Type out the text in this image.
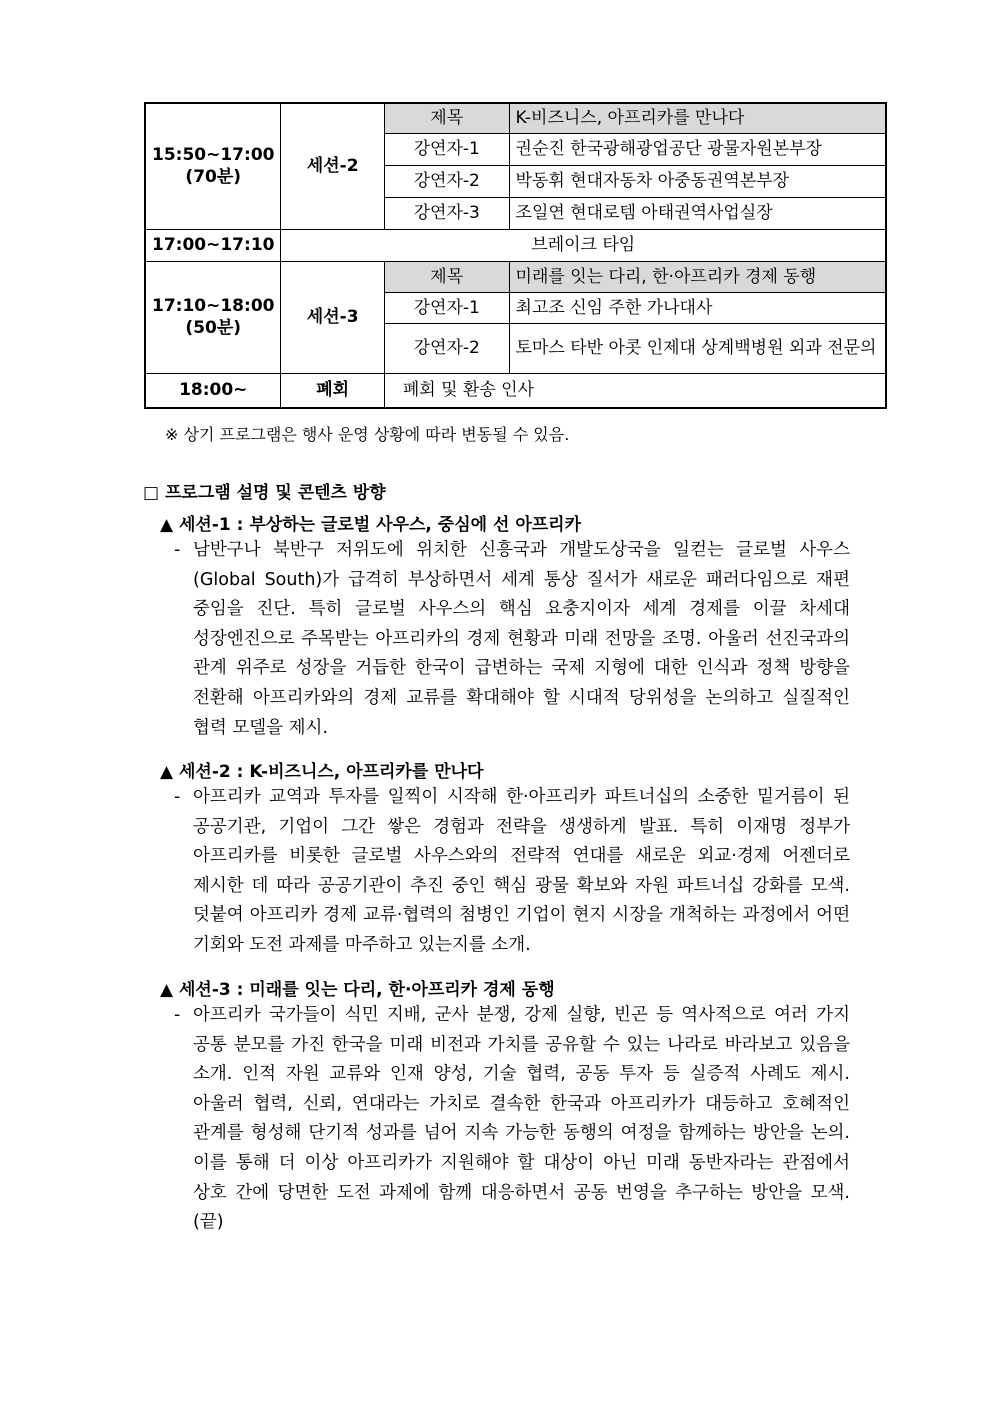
15:50~17:00
(70분)	세션-2	제목	K-비즈니스, 아프리카를 만나다
		강연자-1	권순진 한국광해광업공단 광물자원본부장
		강연자-2	박동휘 현대자동차 아중동권역본부장
		강연자-3	조일연 현대로템 아태권역사업실장
17:00~17:10	브레이크 타임		

17:10~18:00
(50분)	세션-3	제목	미래를 잇는 다리, 한·아프리카 경제 동행
		강연자-1	최고조 신임 주한 가나대사
		강연자-2	토마스 타반 아콧 인제대 상계백병원 외과 전문의
18:00~	폐회	폐회 및 환송 인사	
※ 상기 프로그램은 행사 운영 상황에 따라 변동될 수 있음.
□ 프로그램 설명 및 콘텐츠 방향
▲ 세션-1 : 부상하는 글로벌 사우스, 중심에 선 아프리카
- 남반구나 북반구 저위도에 위치한 신흥국과 개발도상국을 일컫는 글로벌 사우스(Global South)가 급격히 부상하면서 세계 통상 질서가 새로운 패러다임으로 재편 중임을 진단. 특히 글로벌 사우스의 핵심 요충지이자 세계 경제를 이끌 차세대 성장엔진으로 주목받는 아프리카의 경제 현황과 미래 전망을 조명. 아울러 선진국과의 관계 위주로 성장을 거듭한 한국이 급변하는 국제 지형에 대한 인식과 정책 방향을 전환해 아프리카와의 경제 교류를 확대해야 할 시대적 당위성을 논의하고 실질적인 협력 모델을 제시.
▲ 세션-2 : K-비즈니스, 아프리카를 만나다
- 아프리카 교역과 투자를 일찍이 시작해 한·아프리카 파트너십의 소중한 밑거름이 된 공공기관, 기업이 그간 쌓은 경험과 전략을 생생하게 발표. 특히 이재명 정부가 아프리카를 비롯한 글로벌 사우스와의 전략적 연대를 새로운 외교·경제 어젠더로 제시한 데 따라 공공기관이 추진 중인 핵심 광물 확보와 자원 파트너십 강화를 모색. 덧붙여 아프리카 경제 교류·협력의 첨병인 기업이 현지 시장을 개척하는 과정에서 어떤 기회와 도전 과제를 마주하고 있는지를 소개.
▲ 세션-3 : 미래를 잇는 다리, 한·아프리카 경제 동행
- 아프리카 국가들이 식민 지배, 군사 분쟁, 강제 실향, 빈곤 등 역사적으로 여러 가지 공통 분모를 가진 한국을 미래 비전과 가치를 공유할 수 있는 나라로 바라보고 있음을 소개. 인적 자원 교류와 인재 양성, 기술 협력, 공동 투자 등 실증적 사례도 제시. 아울러 협력, 신뢰, 연대라는 가치로 결속한 한국과 아프리카가 대등하고 호혜적인 관계를 형성해 단기적 성과를 넘어 지속 가능한 동행의 여정을 함께하는 방안을 논의. 이를 통해 더 이상 아프리카가 지원해야 할 대상이 아닌 미래 동반자라는 관점에서 상호 간에 당면한 도전 과제에 함께 대응하면서 공동 번영을 추구하는 방안을 모색. (끝)
